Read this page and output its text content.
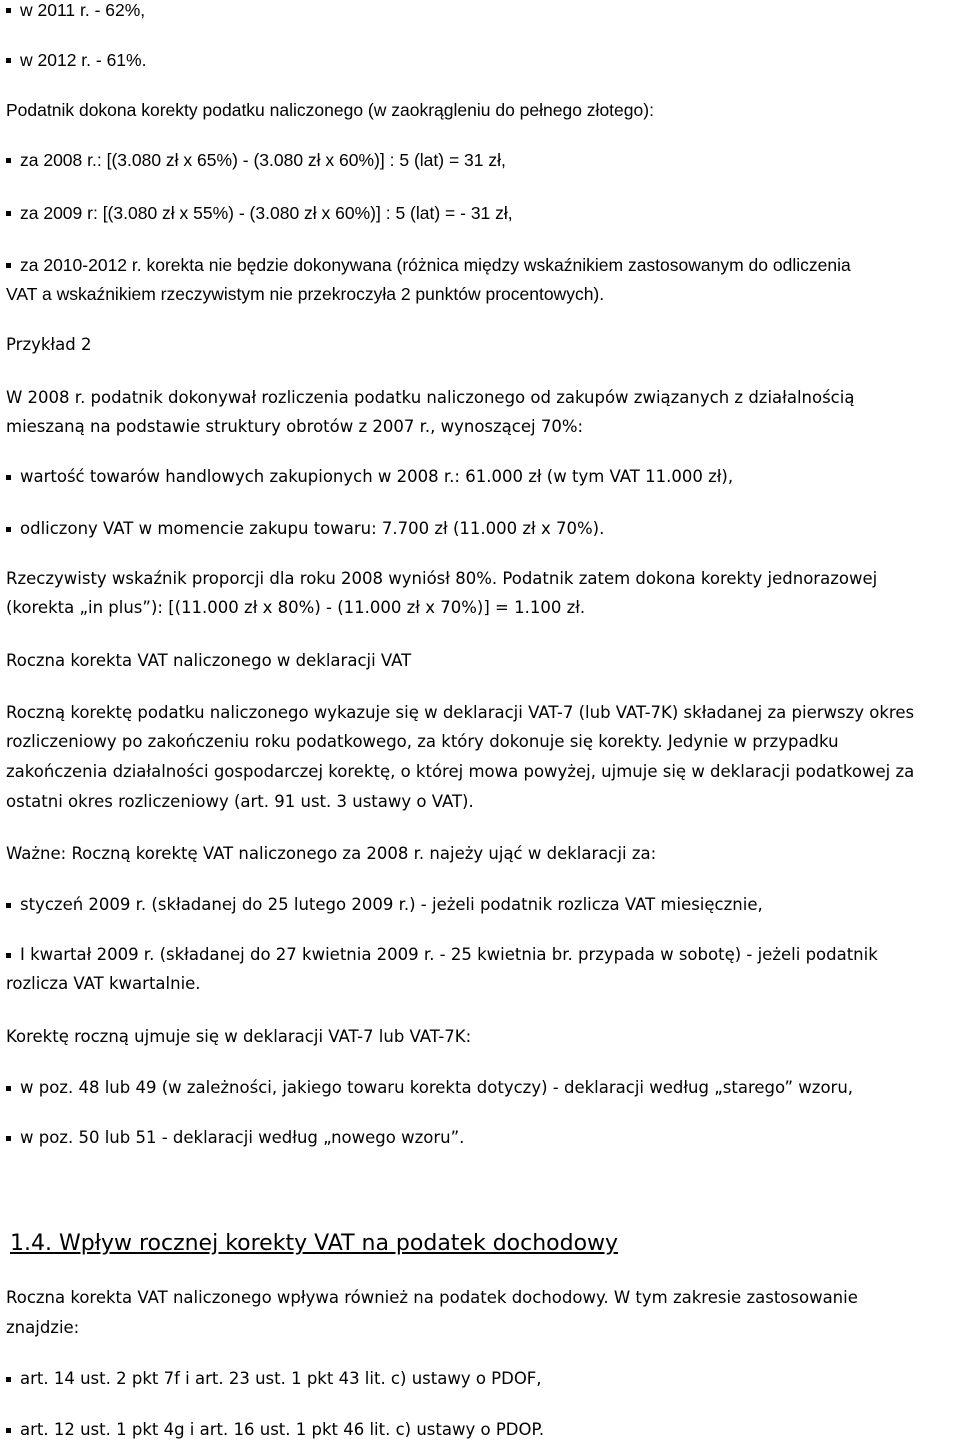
w 2011 r. - 62%,
w 2012 r. - 61%.
Podatnik dokona korekty podatku naliczonego (w zaokrągleniu do pełnego złotego):
za 2008 r.: [(3.080 zł x 65%) - (3.080 zł x 60%)] : 5 (lat) = 31 zł,
za 2009 r: [(3.080 zł x 55%) - (3.080 zł x 60%)] : 5 (lat) = - 31 zł,
za 2010-2012 r. korekta nie będzie dokonywana (różnica między wskaźnikiem zastosowanym do odliczenia
VAT a wskaźnikiem rzeczywistym nie przekroczyła 2 punktów procentowych).
Przykład 2
W 2008 r. podatnik dokonywał rozliczenia podatku naliczonego od zakupów związanych z działalnością
mieszaną na podstawie struktury obrotów z 2007 r., wynoszącej 70%:
wartość towarów handlowych zakupionych w 2008 r.: 61.000 zł (w tym VAT 11.000 zł),
odliczony VAT w momencie zakupu towaru: 7.700 zł (11.000 zł x 70%).
Rzeczywisty wskaźnik proporcji dla roku 2008 wyniósł 80%. Podatnik zatem dokona korekty jednorazowej
(korekta „in plus”): [(11.000 zł x 80%) - (11.000 zł x 70%)] = 1.100 zł.
Roczna korekta VAT naliczonego w deklaracji VAT
Roczną korektę podatku naliczonego wykazuje się w deklaracji VAT-7 (lub VAT-7K) składanej za pierwszy okres
rozliczeniowy po zakończeniu roku podatkowego, za który dokonuje się korekty. Jedynie w przypadku
zakończenia działalności gospodarczej korektę, o której mowa powyżej, ujmuje się w deklaracji podatkowej za
ostatni okres rozliczeniowy (art. 91 ust. 3 ustawy o VAT).
Ważne: Roczną korektę VAT naliczonego za 2008 r. najeży ująć w deklaracji za:
styczeń 2009 r. (składanej do 25 lutego 2009 r.) - jeżeli podatnik rozlicza VAT miesięcznie,
I kwartał 2009 r. (składanej do 27 kwietnia 2009 r. - 25 kwietnia br. przypada w sobotę) - jeżeli podatnik
rozlicza VAT kwartalnie.
Korektę roczną ujmuje się w deklaracji VAT-7 lub VAT-7K:
w poz. 48 lub 49 (w zależności, jakiego towaru korekta dotyczy) - deklaracji według „starego” wzoru,
w poz. 50 lub 51 - deklaracji według „nowego wzoru”.
1.4. Wpływ rocznej korekty VAT na podatek dochodowy
Roczna korekta VAT naliczonego wpływa również na podatek dochodowy. W tym zakresie zastosowanie
znajdzie:
art. 14 ust. 2 pkt 7f i art. 23 ust. 1 pkt 43 lit. c) ustawy o PDOF,
art. 12 ust. 1 pkt 4g i art. 16 ust. 1 pkt 46 lit. c) ustawy o PDOP.
